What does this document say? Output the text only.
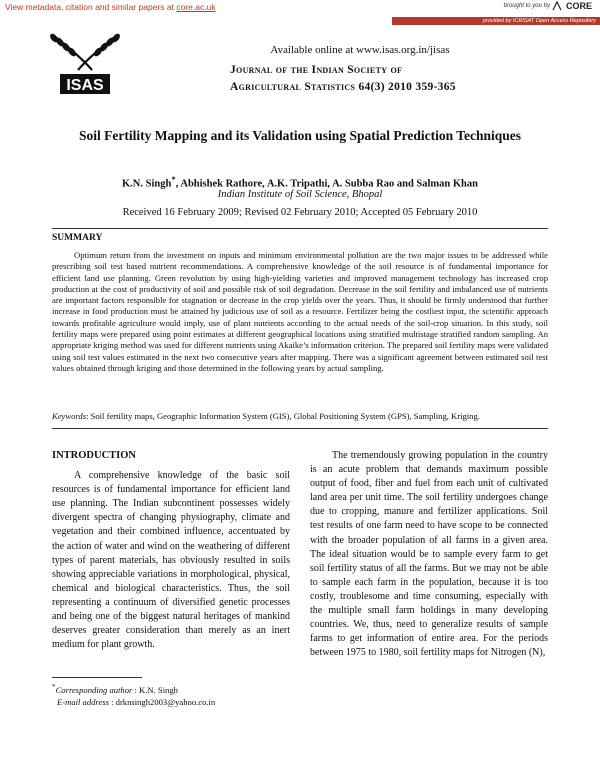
View metadata, citation and similar papers at core.ac.uk	brought to you by CORE
provided by ICRISAT Open Access Repository
ISAS
Available online at www.isas.org.in/jisas
Journal of the Indian Society of
Agricultural Statistics 64(3) 2010 359-365
Soil Fertility Mapping and its Validation using Spatial Prediction Techniques
K.N. Singh*, Abhishek Rathore, A.K. Tripathi, A. Subba Rao and Salman Khan
Indian Institute of Soil Science, Bhopal
Received 16 February 2009; Revised 02 February 2010; Accepted 05 February 2010
SUMMARY
Optimum return from the investment on inputs and minimum environmental pollution are the two major issues to be addressed while prescribing soil test based nutrient recommendations. A comprehensive knowledge of the soil resource is of fundamental importance for efficient land use planning. Green revolution by using high-yielding varieties and improved management technology has increased crop production at the cost of productivity of soil and possible risk of soil degradation. Decrease in the soil fertility and imbalanced use of nutrients are important factors responsible for stagnation or decrease in the crop yields over the years. Thus, it should be firmly understood that further increase in food production must be attained by judicious use of soil as a resource. Fertilizer being the costliest input, the scientific approach towards profitable agriculture would imply, use of plant nutrients according to the actual needs of the soil-crop situation. In this study, soil fertility maps were prepared using point estimates at different geographical locations using stratified multistage stratified random sampling. An appropriate kriging method was used for different nutrients using Akaike’s information criterion. The prepared soil fertility maps were validated using soil test values estimated in the next two consecutive years after mapping. There was a significant agreement between estimated soil test values obtained through kriging and those determined in the following years by actual sampling.
Keywords: Soil fertility maps, Geographic Information System (GIS), Global Positioning System (GPS), Sampling, Kriging.
INTRODUCTION
A comprehensive knowledge of the basic soil resources is of fundamental importance for efficient land use planning. The Indian subcontinent possesses widely divergent spectra of changing physiography, climate and vegetation and their combined influence, accentuated by the action of water and wind on the weathering of different types of parent materials, has obviously resulted in soils showing appreciable variations in morphological, physical, chemical and biological characteristics. Thus, the soil representing a continuum of diversified genetic processes and being one of the biggest natural heritages of mankind deserves greater consideration than merely as an inert medium for plant growth.
The tremendously growing population in the country is an acute problem that demands maximum possible output of food, fiber and fuel from each unit of cultivated land area per unit time. The soil fertility undergoes change due to cropping, manure and fertilizer applications. Soil test results of one farm need to have scope to be connected with the broader population of all farms in a given area. The ideal situation would be to sample every farm to get soil fertility status of all the farms. But we may not be able to sample each farm in the population, because it is too costly, troublesome and time consuming, especially with the multiple small farm holdings in many developing countries. We, thus, need to generalize results of sample farms to get information of entire area. For the periods between 1975 to 1980, soil fertility maps for Nitrogen (N),
*Corresponding author : K.N. Singh
E-mail address : drknsingh2003@yahoo.co.in
